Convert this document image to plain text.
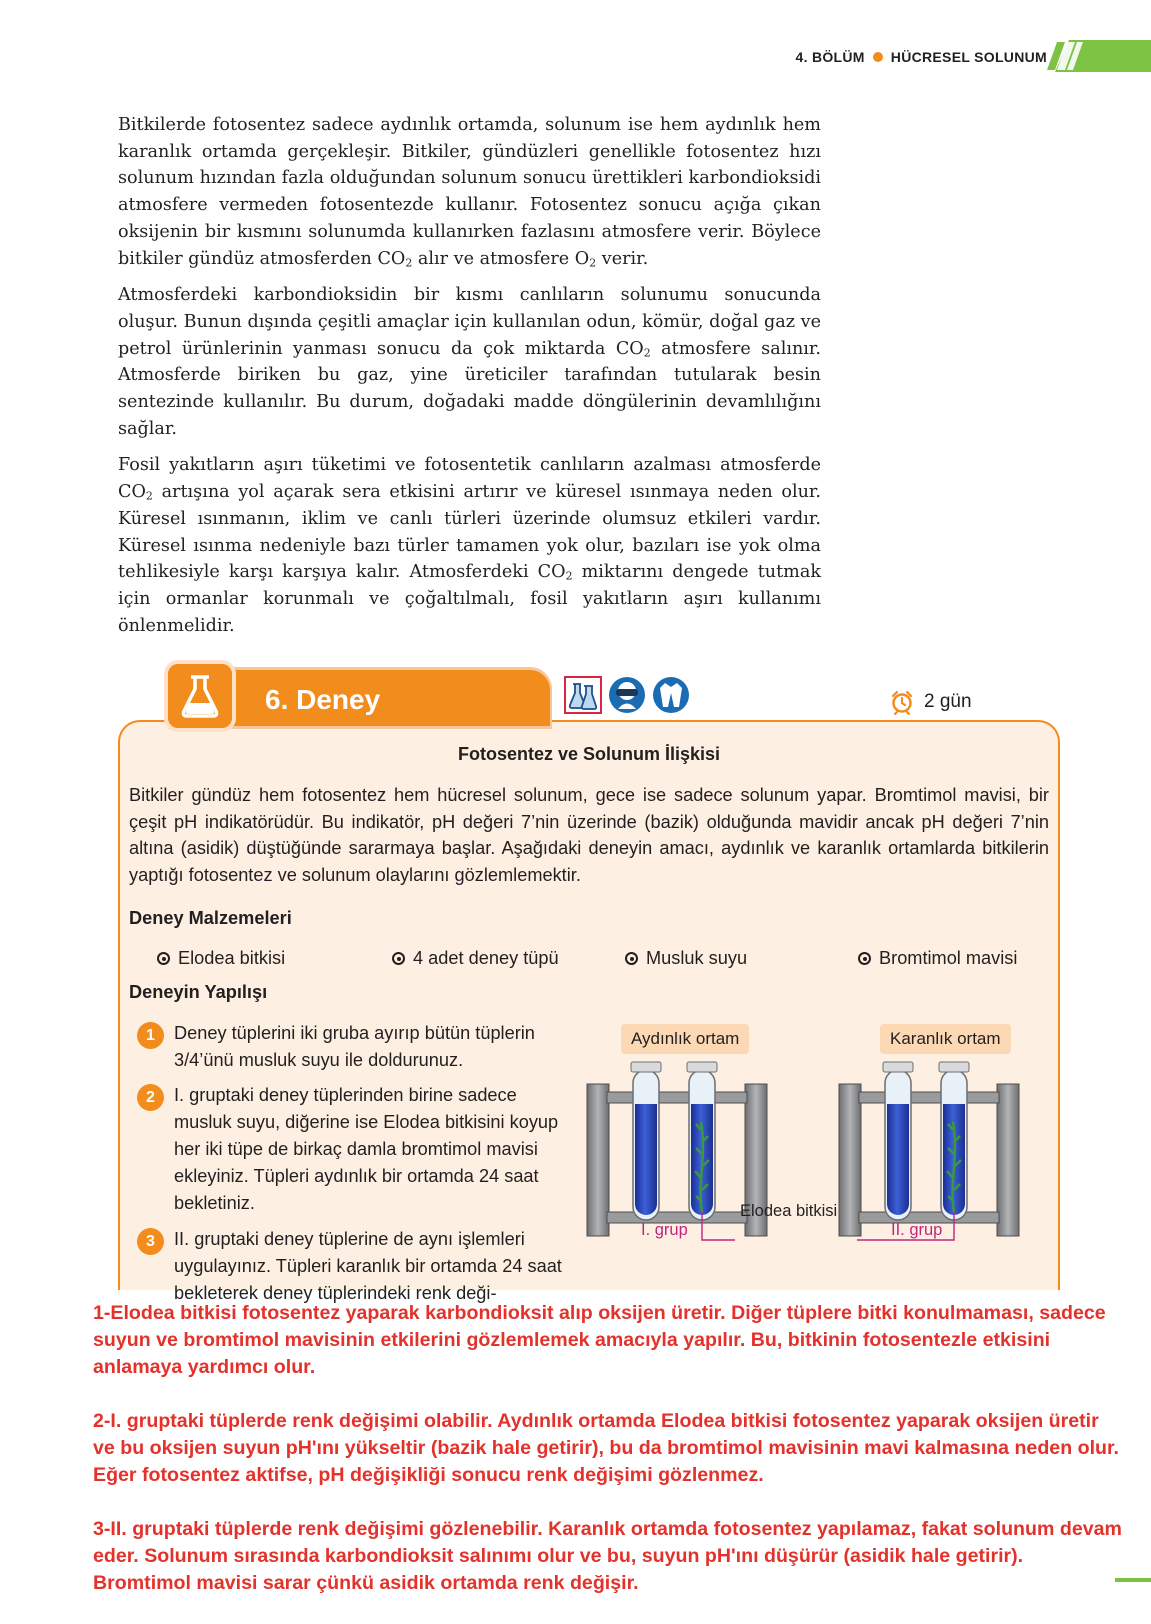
4. BÖLÜM HÜCRESEL SOLUNUM

Bitkilerde fotosentez sadece aydınlık ortamda, solunum ise hem aydınlık hem karanlık ortamda gerçekleşir. Bitkiler, gündüzleri genellikle fotosentez hızı solunum hızından fazla olduğundan solunum sonucu ürettikleri karbondioksidi atmosfere vermeden fotosentezde kullanır. Fotosentez sonucu açığa çıkan oksijenin bir kısmını solunumda kullanırken fazlasını atmosfere verir. Böylece bitkiler gündüz atmosferden $CO_2$ alır ve atmosfere $O_2$ verir.

Atmosferdeki karbondioksidin bir kısmı canlıların solunumu sonucunda oluşur. Bunun dışında çeşitli amaçlar için kullanılan odun, kömür, doğal gaz ve petrol ürünlerinin yanması sonucu da çok miktarda $CO_2$ atmosfere salınır. Atmosferde biriken bu gaz, yine üreticiler tarafından tutularak besin sentezinde kullanılır. Bu durum, doğadaki madde döngülerinin devamlılığını sağlar.

Fosil yakıtların aşırı tüketimi ve fotosentetik canlıların azalması atmosferde $CO_2$ artışına yol açarak sera etkisini artırır ve küresel ısınmaya neden olur. Küresel ısınmanın, iklim ve canlı türleri üzerinde olumsuz etkileri vardır. Küresel ısınma nedeniyle bazı türler tamamen yok olur, bazıları ise yok olma tehlikesiyle karşı karşıya kalır. Atmosferdeki $CO_2$ miktarını dengede tutmak için ormanlar korunmalı ve çoğaltılmalı, fosil yakıtların aşırı kullanımı önlenmelidir.

6. Deney	2 gün
Fotosentez ve Solunum İlişkisi

Bitkiler gündüz hem fotosentez hem hücresel solunum, gece ise sadece solunum yapar. Bromtimol mavisi, bir çeşit pH indikatörüdür. Bu indikatör, pH değeri 7’nin üzerinde (bazik) olduğunda mavidir ancak pH değeri 7’nin altına (asidik) düştüğünde sararmaya başlar. Aşağıdaki deneyin amacı, aydınlık ve karanlık ortamlarda bitkilerin yaptığı fotosentez ve solunum olaylarını gözlemlemektir.

Deney Malzemeleri
Elodea bitkisi	4 adet deney tüpü	Musluk suyu	Bromtimol mavisi
Deneyin Yapılışı
1	Deney tüplerini iki gruba ayırıp bütün tüplerin 3/4’ünü musluk suyu ile doldurunuz.
2	I. gruptaki deney tüplerinden birine sadece musluk suyu, diğerine ise Elodea bitkisini koyup her iki tüpe de birkaç damla bromtimol mavisi ekleyiniz. Tüpleri aydınlık bir ortamda 24 saat bekletiniz.
3	II. gruptaki deney tüplerine de aynı işlemleri uygulayınız. Tüpleri karanlık bir ortamda 24 saat bekleterek deney tüplerindeki renk deği-
Aydınlık ortam	Karanlık ortam
Elodea bitkisi
I. grup	II. grup

1-Elodea bitkisi fotosentez yaparak karbondioksit alıp oksijen üretir. Diğer tüplere bitki konulmaması, sadece suyun ve bromtimol mavisinin etkilerini gözlemlemek amacıyla yapılır. Bu, bitkinin fotosentezle etkisini anlamaya yardımcı olur.

2-I. gruptaki tüplerde renk değişimi olabilir. Aydınlık ortamda Elodea bitkisi fotosentez yaparak oksijen üretir ve bu oksijen suyun pH'ını yükseltir (bazik hale getirir), bu da bromtimol mavisinin mavi kalmasına neden olur. Eğer fotosentez aktifse, pH değişikliği sonucu renk değişimi gözlenmez.

3-II. gruptaki tüplerde renk değişimi gözlenebilir. Karanlık ortamda fotosentez yapılamaz, fakat solunum devam eder. Solunum sırasında karbondioksit salınımı olur ve bu, suyun pH'ını düşürür (asidik hale getirir). Bromtimol mavisi sarar çünkü asidik ortamda renk değişir.
